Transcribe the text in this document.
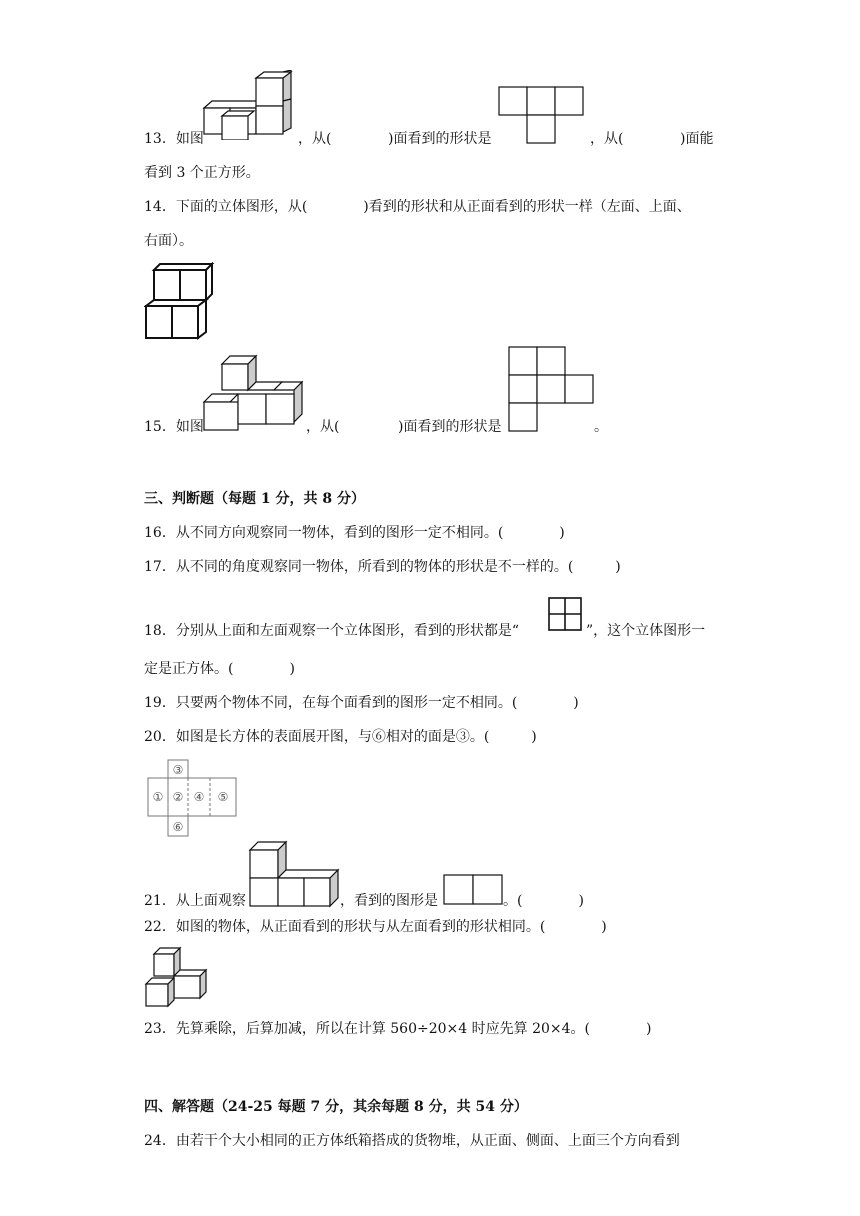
13．如图	，从(	)面看到的形状是	，从(	)面能
看到 3 个正方形。
14．下面的立体图形，从(　　　　)看到的形状和从正面看到的形状一样（左面、上面、
右面）。
15．如图	，从(	)面看到的形状是	。
三、判断题（每题 1 分，共 8 分）
16．从不同方向观察同一物体，看到的图形一定不相同。(　　　　)
17．从不同的角度观察同一物体，所看到的物体的形状是不一样的。(　　　)
18．分别从上面和左面观察一个立体图形，看到的形状都是“	”，这个立体图形一
定是正方体。(　　　　)
19．只要两个物体不同，在每个面看到的图形一定不相同。(　　　　)
20．如图是长方体的表面展开图，与⑥相对的面是③。(　　　)
③
① ② ④ ⑤
⑥
21．从上面观察	，看到的图形是	。(　　　　)
22．如图的物体，从正面看到的形状与从左面看到的形状相同。(　　　　)
23．先算乘除，后算加减，所以在计算 560÷20×4 时应先算 20×4。(　　　　)
四、解答题（24-25 每题 7 分，其余每题 8 分，共 54 分）
24．由若干个大小相同的正方体纸箱搭成的货物堆，从正面、侧面、上面三个方向看到
